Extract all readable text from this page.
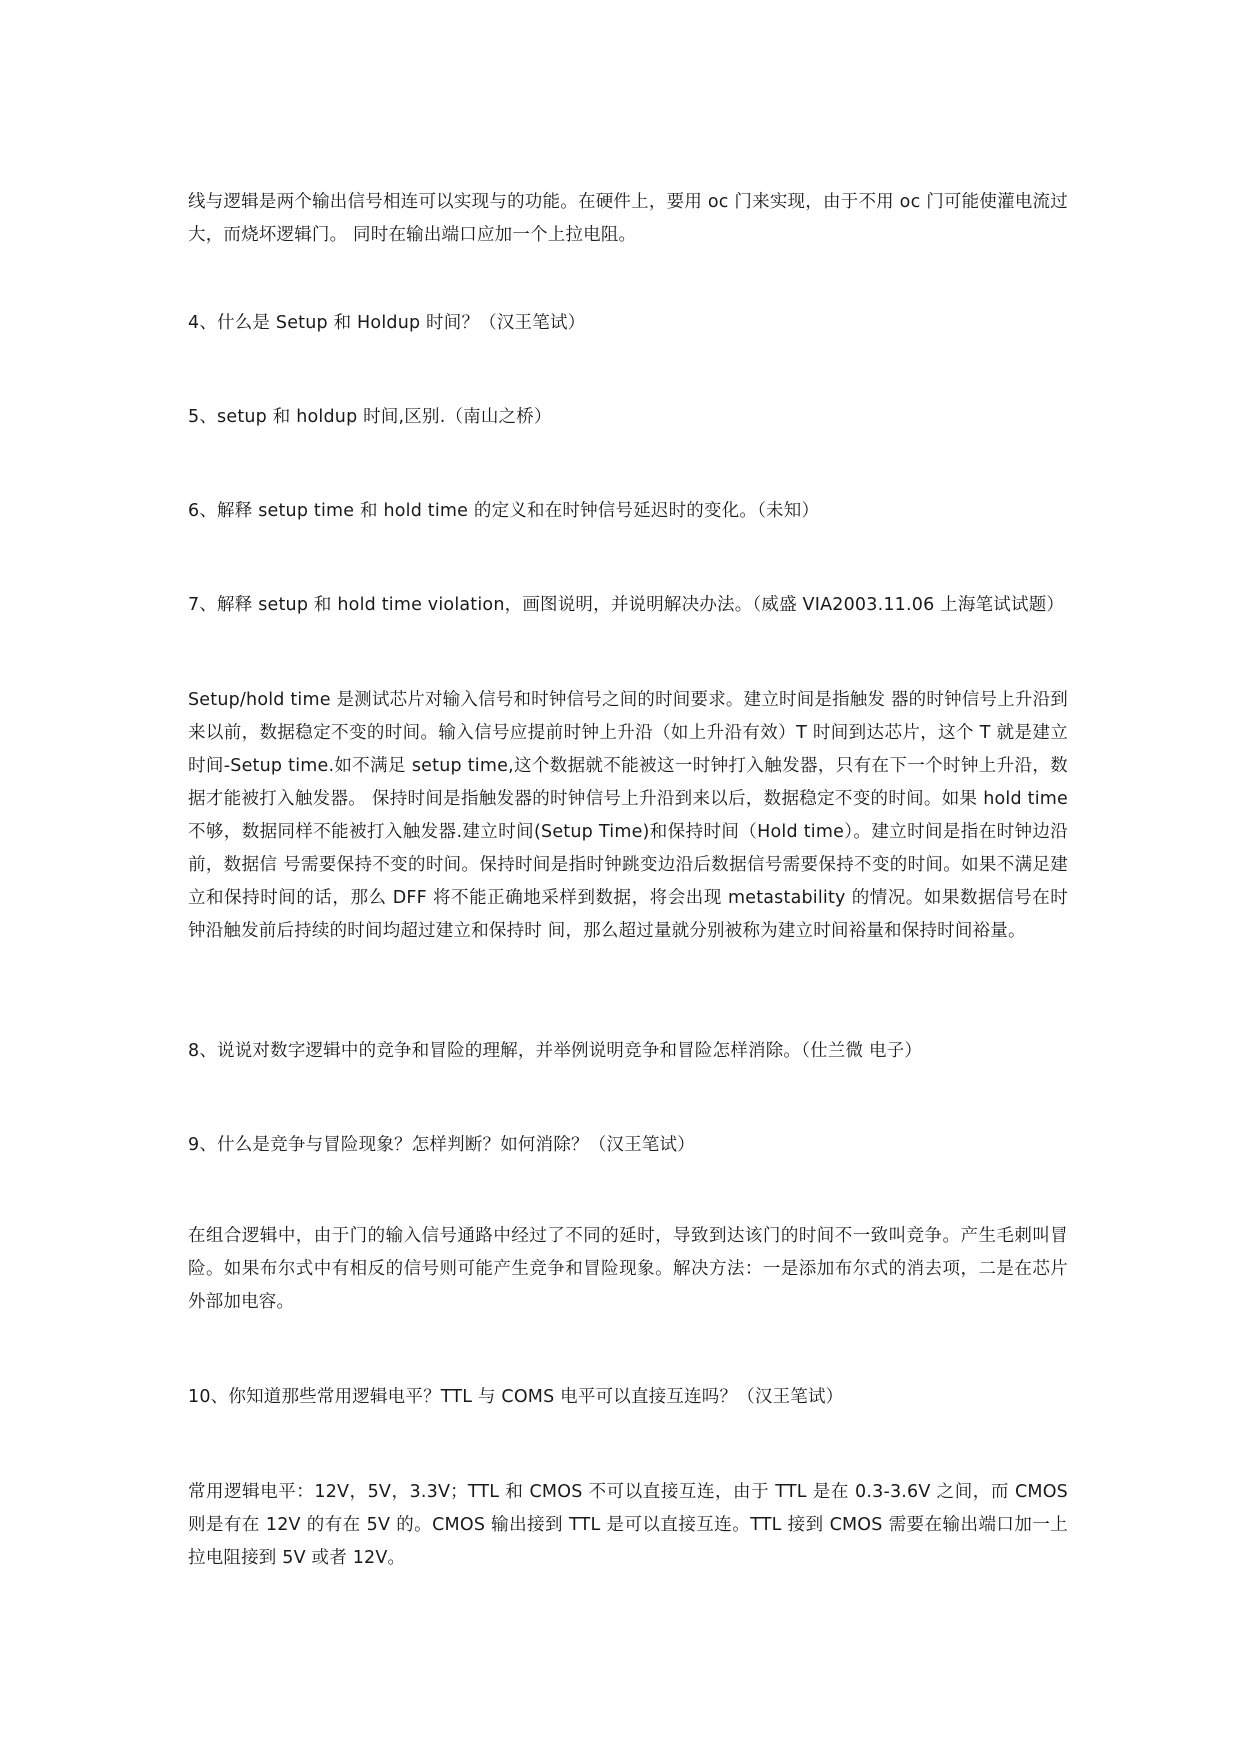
线与逻辑是两个输出信号相连可以实现与的功能。在硬件上，要用 oc 门来实现，由于不用 oc 门可能使灌电流过大，而烧坏逻辑门。 同时在输出端口应加一个上拉电阻。

4、什么是 Setup 和 Holdup 时间？（汉王笔试）

5、setup 和 holdup 时间,区别.（南山之桥）

6、解释 setup time 和 hold time 的定义和在时钟信号延迟时的变化。（未知）

7、解释 setup 和 hold time violation，画图说明，并说明解决办法。（威盛 VIA2003.11.06 上海笔试试题）

Setup/hold time 是测试芯片对输入信号和时钟信号之间的时间要求。建立时间是指触发 器的时钟信号上升沿到来以前，数据稳定不变的时间。输入信号应提前时钟上升沿（如上升沿有效）T 时间到达芯片，这个 T 就是建立时间-Setup time.如不满足 setup time,这个数据就不能被这一时钟打入触发器，只有在下一个时钟上升沿，数据才能被打入触发器。 保持时间是指触发器的时钟信号上升沿到来以后，数据稳定不变的时间。如果 hold time 不够，数据同样不能被打入触发器.建立时间(Setup Time)和保持时间（Hold time）。建立时间是指在时钟边沿前，数据信 号需要保持不变的时间。保持时间是指时钟跳变边沿后数据信号需要保持不变的时间。如果不满足建立和保持时间的话，那么 DFF 将不能正确地采样到数据，将会出现 metastability 的情况。如果数据信号在时钟沿触发前后持续的时间均超过建立和保持时 间，那么超过量就分别被称为建立时间裕量和保持时间裕量。

8、说说对数字逻辑中的竞争和冒险的理解，并举例说明竞争和冒险怎样消除。（仕兰微 电子）

9、什么是竞争与冒险现象？怎样判断？如何消除？（汉王笔试）

在组合逻辑中，由于门的输入信号通路中经过了不同的延时，导致到达该门的时间不一致叫竞争。产生毛刺叫冒险。如果布尔式中有相反的信号则可能产生竞争和冒险现象。解决方法：一是添加布尔式的消去项，二是在芯片外部加电容。

10、你知道那些常用逻辑电平？TTL 与 COMS 电平可以直接互连吗？（汉王笔试）

常用逻辑电平：12V，5V，3.3V；TTL 和 CMOS 不可以直接互连，由于 TTL 是在 0.3-3.6V 之间，而 CMOS 则是有在 12V 的有在 5V 的。CMOS 输出接到 TTL 是可以直接互连。TTL 接到 CMOS 需要在输出端口加一上拉电阻接到 5V 或者 12V。
